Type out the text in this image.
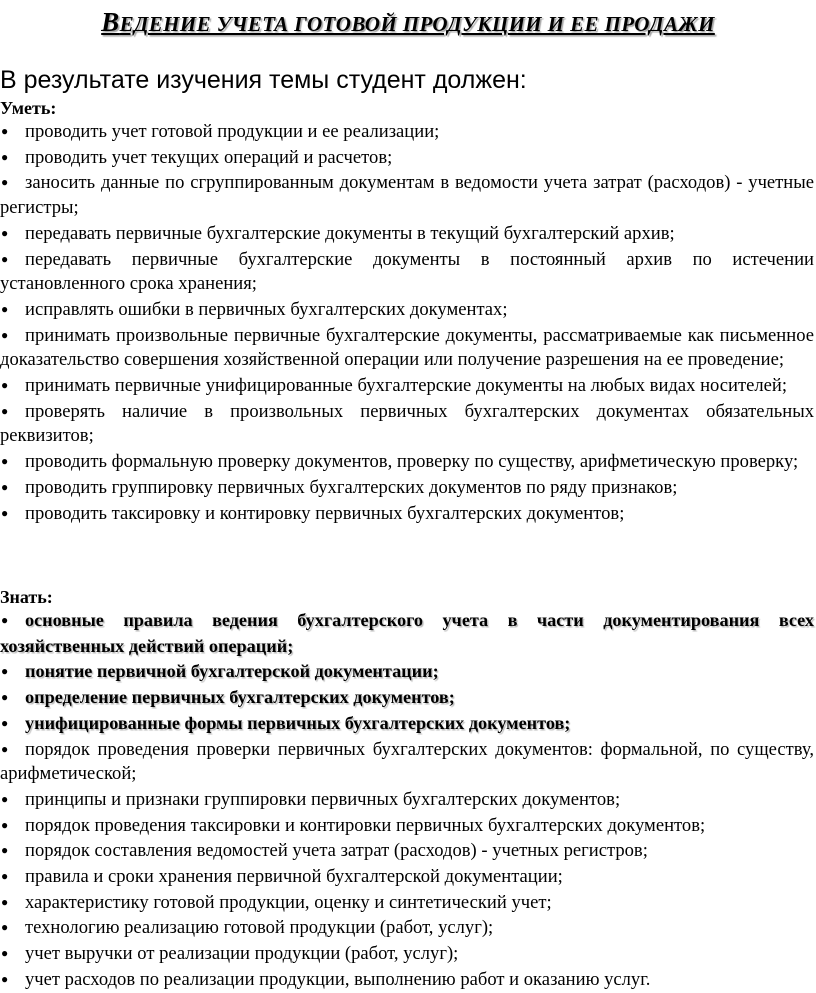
ВЕДЕНИЕ УЧЕТА ГОТОВОЙ ПРОДУКЦИИ И ЕЕ ПРОДАЖИ
В результате изучения темы студент должен:
Уметь:
● проводить учет готовой продукции и ее реализации;
● проводить учет текущих операций и расчетов;
● заносить данные по сгруппированным документам в ведомости учета затрат (расходов) - учетные регистры;
● передавать первичные бухгалтерские документы в текущий бухгалтерский архив;
● передавать первичные бухгалтерские документы в постоянный архив по истечении установленного срока хранения;
● исправлять ошибки в первичных бухгалтерских документах;
● принимать произвольные первичные бухгалтерские документы, рассматриваемые как письменное доказательство совершения хозяйственной операции или получение разрешения на ее проведение;
● принимать первичные унифицированные бухгалтерские документы на любых видах носителей;
● проверять наличие в произвольных первичных бухгалтерских документах обязательных реквизитов;
● проводить формальную проверку документов, проверку по существу, арифметическую проверку;
● проводить группировку первичных бухгалтерских документов по ряду признаков;
● проводить таксировку и контировку первичных бухгалтерских документов;
Знать:
● основные правила ведения бухгалтерского учета в части документирования всех хозяйственных действий операций;
● понятие первичной бухгалтерской документации;
● определение первичных бухгалтерских документов;
● унифицированные формы первичных бухгалтерских документов;
● порядок проведения проверки первичных бухгалтерских документов: формальной, по существу, арифметической;
● принципы и признаки группировки первичных бухгалтерских документов;
● порядок проведения таксировки и контировки первичных бухгалтерских документов;
● порядок составления ведомостей учета затрат (расходов) - учетных регистров;
● правила и сроки хранения первичной бухгалтерской документации;
● характеристику готовой продукции, оценку и синтетический учет;
● технологию реализацию готовой продукции (работ, услуг);
● учет выручки от реализации продукции (работ, услуг);
● учет расходов по реализации продукции, выполнению работ и оказанию услуг.
